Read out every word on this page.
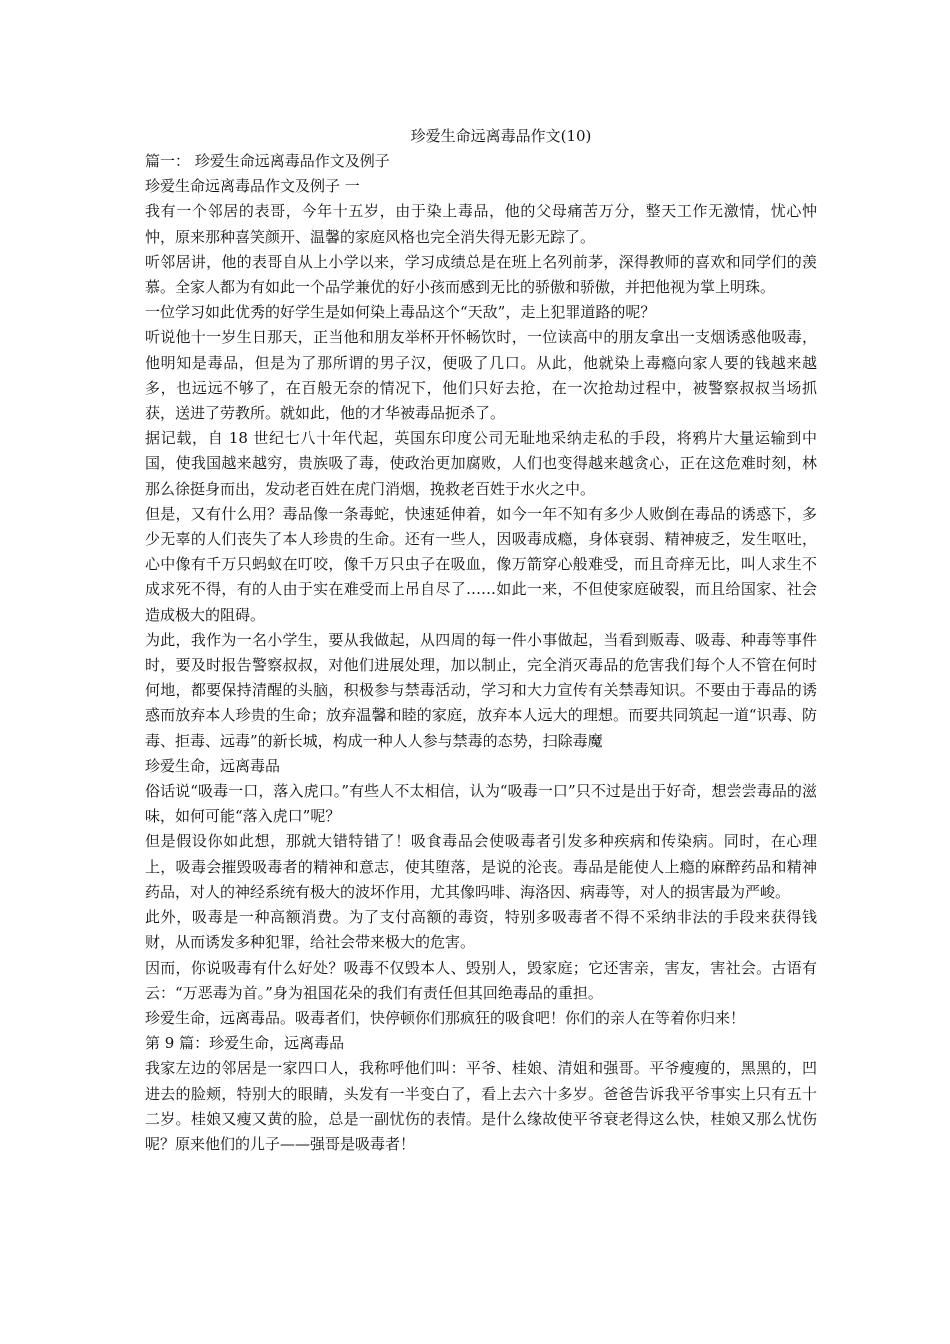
珍爱生命远离毒品作文(10)

篇一： 珍爱生命远离毒品作文及例子

珍爱生命远离毒品作文及例子 一

我有一个邻居的表哥，今年十五岁，由于染上毒品，他的父母痛苦万分，整天工作无激情，忧心忡忡，原来那种喜笑颜开、温馨的家庭风格也完全消失得无影无踪了。

听邻居讲，他的表哥自从上小学以来，学习成绩总是在班上名列前茅，深得教师的喜欢和同学们的羡慕。全家人都为有如此一个品学兼优的好小孩而感到无比的骄傲和骄傲，并把他视为掌上明珠。

一位学习如此优秀的好学生是如何染上毒品这个“天敌”，走上犯罪道路的呢？

听说他十一岁生日那天，正当他和朋友举杯开怀畅饮时，一位读高中的朋友拿出一支烟诱惑他吸毒，他明知是毒品，但是为了那所谓的男子汉，便吸了几口。从此，他就染上毒瘾向家人要的钱越来越多，也远远不够了，在百般无奈的情况下，他们只好去抢，在一次抢劫过程中，被警察叔叔当场抓获，送进了劳教所。就如此，他的才华被毒品扼杀了。

据记载，自 18 世纪七八十年代起，英国东印度公司无耻地采纳走私的手段，将鸦片大量运输到中国，使我国越来越穷，贵族吸了毒，使政治更加腐败，人们也变得越来越贪心，正在这危难时刻，林那么徐挺身而出，发动老百姓在虎门消烟，挽救老百姓于水火之中。

但是，又有什么用？毒品像一条毒蛇，快速延伸着，如今一年不知有多少人败倒在毒品的诱惑下，多少无辜的人们丧失了本人珍贵的生命。还有一些人，因吸毒成瘾，身体衰弱、精神疲乏，发生呕吐，心中像有千万只蚂蚁在叮咬，像千万只虫子在吸血，像万箭穿心般难受，而且奇痒无比，叫人求生不成求死不得，有的人由于实在难受而上吊自尽了……如此一来，不但使家庭破裂，而且给国家、社会造成极大的阻碍。

为此，我作为一名小学生，要从我做起，从四周的每一件小事做起，当看到贩毒、吸毒、种毒等事件时，要及时报告警察叔叔，对他们进展处理，加以制止，完全消灭毒品的危害我们每个人不管在何时何地，都要保持清醒的头脑，积极参与禁毒活动，学习和大力宣传有关禁毒知识。不要由于毒品的诱惑而放弃本人珍贵的生命；放弃温馨和睦的家庭，放弃本人远大的理想。而要共同筑起一道“识毒、防毒、拒毒、远毒”的新长城，构成一种人人参与禁毒的态势，扫除毒魔

珍爱生命，远离毒品

俗话说“吸毒一口，落入虎口。”有些人不太相信，认为“吸毒一口”只不过是出于好奇，想尝尝毒品的滋味，如何可能“落入虎口”呢？

但是假设你如此想，那就大错特错了！吸食毒品会使吸毒者引发多种疾病和传染病。同时，在心理上，吸毒会摧毁吸毒者的精神和意志，使其堕落，是说的沦丧。毒品是能使人上瘾的麻醉药品和精神药品，对人的神经系统有极大的波坏作用，尤其像吗啡、海洛因、病毒等，对人的损害最为严峻。

此外，吸毒是一种高额消费。为了支付高额的毒资，特别多吸毒者不得不采纳非法的手段来获得钱财，从而诱发多种犯罪，给社会带来极大的危害。

因而，你说吸毒有什么好处？吸毒不仅毁本人、毁别人，毁家庭；它还害亲，害友，害社会。古语有云：“万恶毒为首。”身为祖国花朵的我们有责任但其回绝毒品的重担。

珍爱生命，远离毒品。吸毒者们，快停顿你们那疯狂的吸食吧！你们的亲人在等着你归来！

第 9 篇：珍爱生命，远离毒品

我家左边的邻居是一家四口人，我称呼他们叫：平爷、桂娘、清姐和强哥。平爷瘦瘦的，黑黑的，凹进去的脸颊，特别大的眼睛，头发有一半变白了，看上去六十多岁。爸爸告诉我平爷事实上只有五十二岁。桂娘又瘦又黄的脸，总是一副忧伤的表情。是什么缘故使平爷衰老得这么快，桂娘又那么忧伤呢？原来他们的儿子——强哥是吸毒者！
